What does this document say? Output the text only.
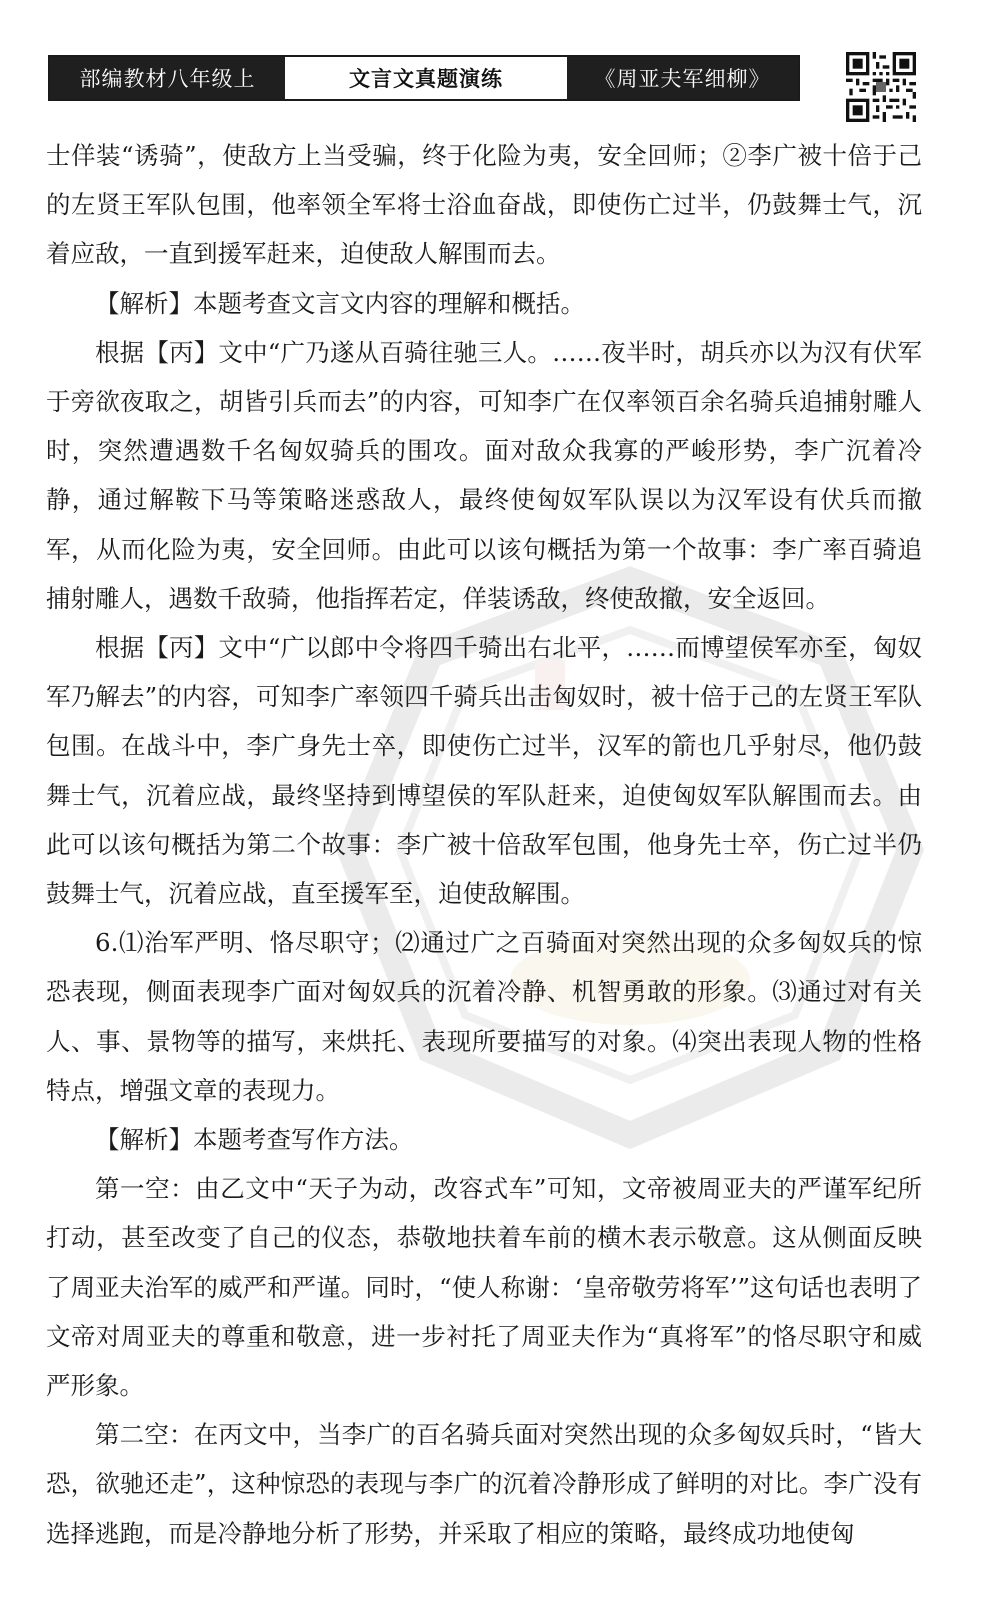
部编教材八年级上	文言文真题演练	《周亚夫军细柳》

士佯装“诱骑”，使敌方上当受骗，终于化险为夷，安全回师；②李广被十倍于己的左贤王军队包围，他率领全军将士浴血奋战，即使伤亡过半，仍鼓舞士气，沉着应敌，一直到援军赶来，迫使敌人解围而去。

【解析】本题考查文言文内容的理解和概括。

根据【丙】文中“广乃遂从百骑往驰三人。……夜半时，胡兵亦以为汉有伏军于旁欲夜取之，胡皆引兵而去”的内容，可知李广在仅率领百余名骑兵追捕射雕人时，突然遭遇数千名匈奴骑兵的围攻。面对敌众我寡的严峻形势，李广沉着冷静，通过解鞍下马等策略迷惑敌人，最终使匈奴军队误以为汉军设有伏兵而撤军，从而化险为夷，安全回师。由此可以该句概括为第一个故事：李广率百骑追捕射雕人，遇数千敌骑，他指挥若定，佯装诱敌，终使敌撤，安全返回。

根据【丙】文中“广以郎中令将四千骑出右北平，……而博望侯军亦至，匈奴军乃解去”的内容，可知李广率领四千骑兵出击匈奴时，被十倍于己的左贤王军队包围。在战斗中，李广身先士卒，即使伤亡过半，汉军的箭也几乎射尽，他仍鼓舞士气，沉着应战，最终坚持到博望侯的军队赶来，迫使匈奴军队解围而去。由此可以该句概括为第二个故事：李广被十倍敌军包围，他身先士卒，伤亡过半仍鼓舞士气，沉着应战，直至援军至，迫使敌解围。

6.⑴治军严明、恪尽职守；⑵通过广之百骑面对突然出现的众多匈奴兵的惊恐表现，侧面表现李广面对匈奴兵的沉着冷静、机智勇敢的形象。⑶通过对有关人、事、景物等的描写，来烘托、表现所要描写的对象。⑷突出表现人物的性格特点，增强文章的表现力。

【解析】本题考查写作方法。

第一空：由乙文中“天子为动，改容式车”可知，文帝被周亚夫的严谨军纪所打动，甚至改变了自己的仪态，恭敬地扶着车前的横木表示敬意。这从侧面反映了周亚夫治军的威严和严谨。同时，“使人称谢：‘皇帝敬劳将军’”这句话也表明了文帝对周亚夫的尊重和敬意，进一步衬托了周亚夫作为“真将军”的恪尽职守和威严形象。

第二空：在丙文中，当李广的百名骑兵面对突然出现的众多匈奴兵时，“皆大恐，欲驰还走”，这种惊恐的表现与李广的沉着冷静形成了鲜明的对比。李广没有选择逃跑，而是冷静地分析了形势，并采取了相应的策略，最终成功地使匈
